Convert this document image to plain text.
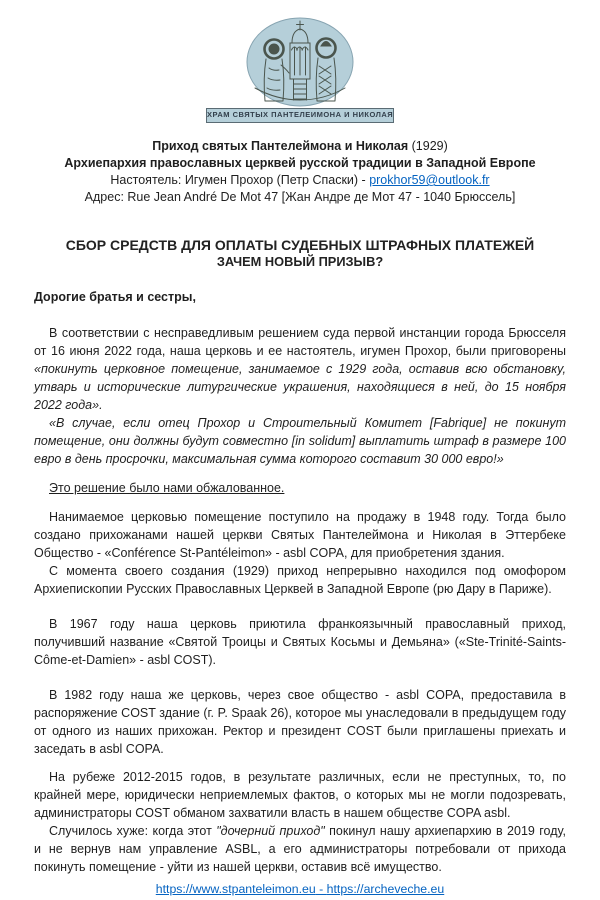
ХРАМ СВЯТЫХ ПАНТЕЛЕИМОНА И НИКОЛАЯ
Приход святых Пантелеймона и Николая (1929)
Архиепархия православных церквей русской традиции в Западной Европе
Настоятель: Игумен Прохор (Петр Спаски) - prokhor59@outlook.fr
Адрес: Rue Jean André De Mot 47 [Жан Андре де Мот 47 - 1040 Брюссель]
СБОР СРЕДСТВ ДЛЯ ОПЛАТЫ СУДЕБНЫХ ШТРАФНЫХ ПЛАТЕЖЕЙ
ЗАЧЕМ НОВЫЙ ПРИЗЫВ?

Дорогие братья и сестры,

В соответствии с несправедливым решением суда первой инстанции города Брюсселя от 16 июня 2022 года, наша церковь и ее настоятель, игумен Прохор, были приговорены «покинуть церковное помещение, занимаемое с 1929 года, оставив всю обстановку, утварь и исторические литургические украшения, находящиеся в ней, до 15 ноября 2022 года».

«В случае, если отец Прохор и Строительный Комитет [Fabrique] не покинут помещение, они должны будут совместно [in solidum] выплатить штраф в размере 100 евро в день просрочки, максимальная сумма которого составит 30 000 евро!»

Это решение было нами обжалованное.

Нанимаемое церковью помещение поступило на продажу в 1948 году. Тогда было создано прихожанами нашей церкви Святых Пантелеймона и Николая в Эттербеке Общество - «Conférence St-Pantéleimon» - asbl COPA, для приобретения здания.

С момента своего создания (1929) приход непрерывно находился под омофором Архиепископии Русских Православных Церквей в Западной Европе (рю Дару в Париже).

В 1967 году наша церковь приютила франкоязычный православный приход, получивший название «Святой Троицы и Святых Косьмы и Демьяна» («Ste-Trinité-Saints-Côme-et-Damien» - asbl COST).

В 1982 году наша же церковь, через свое общество - asbl COPA, предоставила в распоряжение COST здание (г. P. Spaak 26), которое мы унаследовали в предыдущем году от одного из наших прихожан. Ректор и президент COST были приглашены приехать и заседать в asbl COPA.

На рубеже 2012-2015 годов, в результате различных, если не преступных, то, по крайней мере, юридически неприемлемых фактов, о которых мы не могли подозревать, администраторы COST обманом захватили власть в нашем обществе COPA asbl.

Случилось хуже: когда этот "дочерний приход" покинул нашу архиепархию в 2019 году, и не вернув нам управление ASBL, а его администраторы потребовали от прихода покинуть помещение - уйти из нашей церкви, оставив всё имущество.

https://www.stpanteleimon.eu - https://archeveche.eu
